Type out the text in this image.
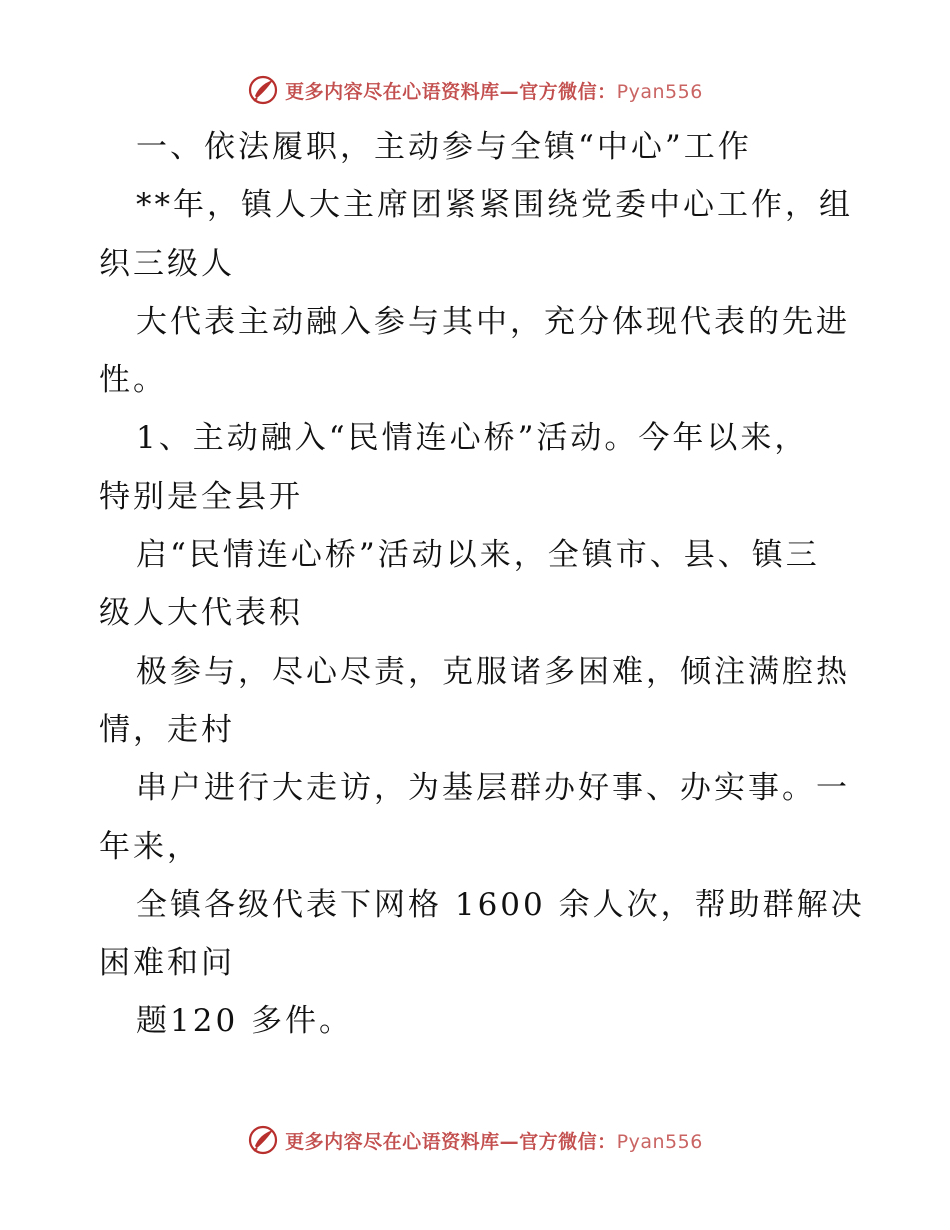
更多内容尽在心语资料库—官方微信：Pyan556
一、依法履职，主动参与全镇“中心”工作
**年，镇人大主席团紧紧围绕党委中心工作，组
织三级人
大代表主动融入参与其中，充分体现代表的先进
性。
1、主动融入“民情连心桥”活动。今年以来，
特别是全县开
启“民情连心桥”活动以来，全镇市、县、镇三
级人大代表积
极参与，尽心尽责，克服诸多困难，倾注满腔热
情，走村
串户进行大走访，为基层群办好事、办实事。一
年来，
全镇各级代表下网格 1600 余人次，帮助群解决
困难和问
题120 多件。
更多内容尽在心语资料库—官方微信：Pyan556
